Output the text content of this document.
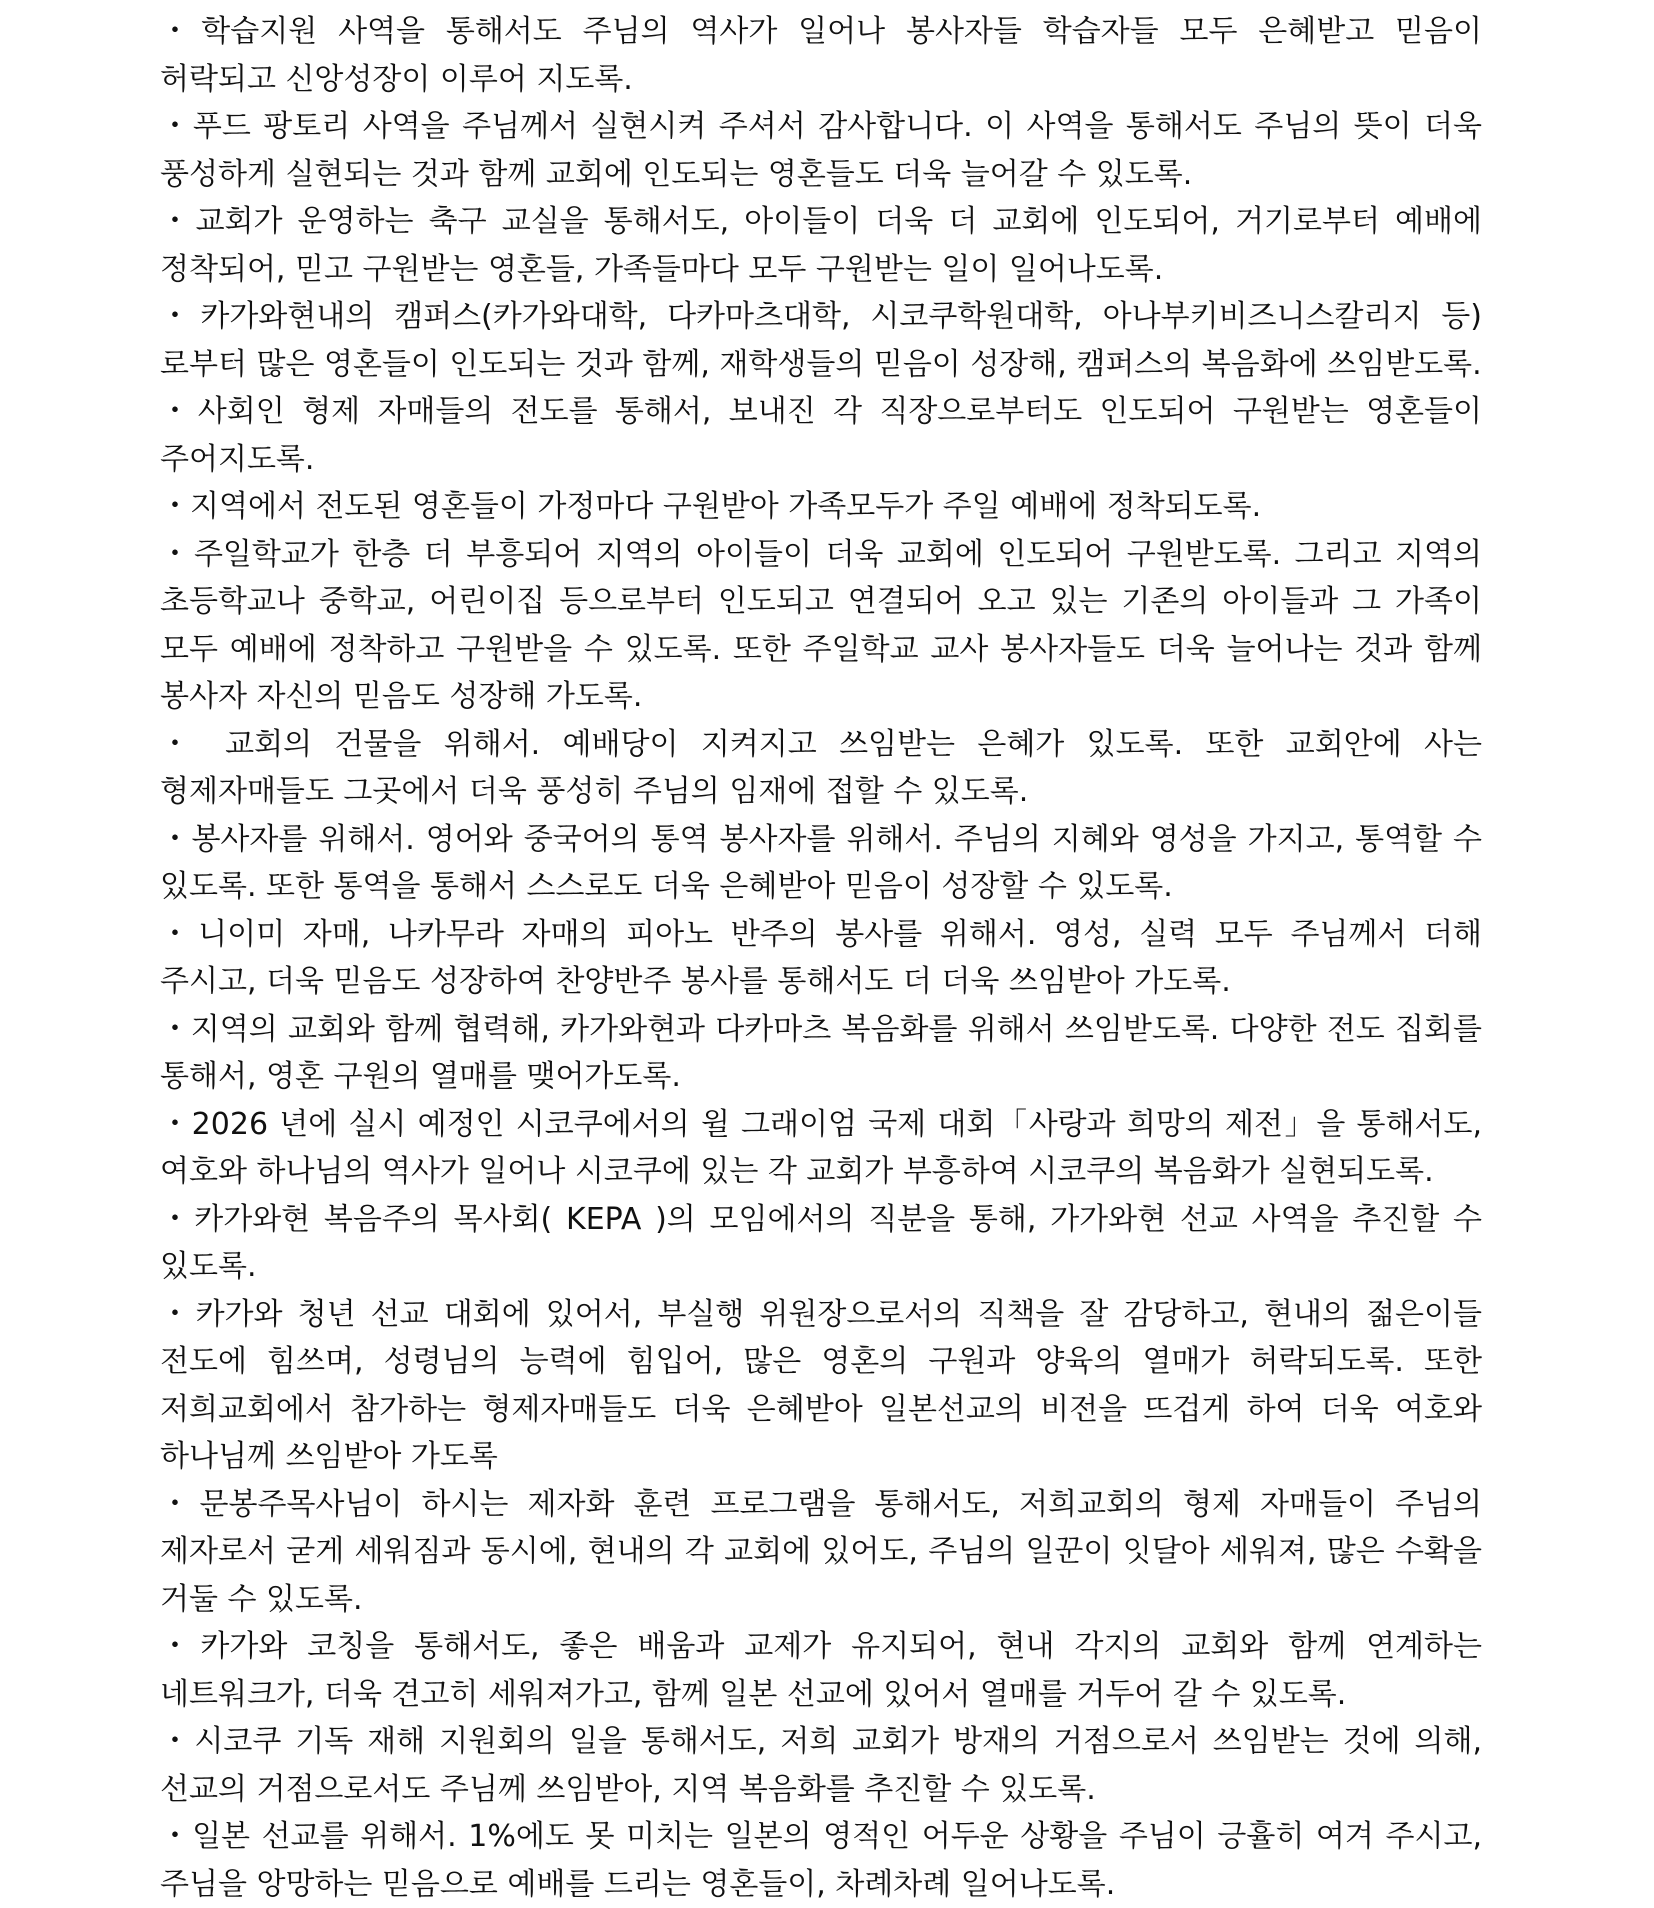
・학습지원 사역을 통해서도 주님의 역사가 일어나 봉사자들 학습자들 모두 은혜받고 믿음이 허락되고 신앙성장이 이루어 지도록.

・푸드 팡토리 사역을 주님께서 실현시켜 주셔서 감사합니다. 이 사역을 통해서도 주님의 뜻이 더욱 풍성하게 실현되는 것과 함께 교회에 인도되는 영혼들도 더욱 늘어갈 수 있도록.

・교회가 운영하는 축구 교실을 통해서도, 아이들이 더욱 더 교회에 인도되어, 거기로부터 예배에 정착되어, 믿고 구원받는 영혼들, 가족들마다 모두 구원받는 일이 일어나도록.

・카가와현내의 캠퍼스(카가와대학, 다카마츠대학, 시코쿠학원대학, 아나부키비즈니스칼리지 등)로부터 많은 영혼들이 인도되는 것과 함께, 재학생들의 믿음이 성장해, 캠퍼스의 복음화에 쓰임받도록.

・사회인 형제 자매들의 전도를 통해서, 보내진 각 직장으로부터도 인도되어 구원받는 영혼들이 주어지도록.

・지역에서 전도된 영혼들이 가정마다 구원받아 가족모두가 주일 예배에 정착되도록.

・주일학교가 한층 더 부흥되어 지역의 아이들이 더욱 교회에 인도되어 구원받도록. 그리고 지역의 초등학교나 중학교, 어린이집 등으로부터 인도되고 연결되어 오고 있는 기존의 아이들과 그 가족이 모두 예배에 정착하고 구원받을 수 있도록. 또한 주일학교 교사 봉사자들도 더욱 늘어나는 것과 함께 봉사자 자신의 믿음도 성장해 가도록.

・ 교회의 건물을 위해서. 예배당이 지켜지고 쓰임받는 은혜가 있도록. 또한 교회안에 사는 형제자매들도 그곳에서 더욱 풍성히 주님의 임재에 접할 수 있도록.

・봉사자를 위해서. 영어와 중국어의 통역 봉사자를 위해서. 주님의 지혜와 영성을 가지고, 통역할 수 있도록. 또한 통역을 통해서 스스로도 더욱 은혜받아 믿음이 성장할 수 있도록.

・니이미 자매, 나카무라 자매의 피아노 반주의 봉사를 위해서. 영성, 실력 모두 주님께서 더해 주시고, 더욱 믿음도 성장하여 찬양반주 봉사를 통해서도 더 더욱 쓰임받아 가도록.

・지역의 교회와 함께 협력해, 카가와현과 다카마츠 복음화를 위해서 쓰임받도록. 다양한 전도 집회를 통해서, 영혼 구원의 열매를 맺어가도록.

・2026 년에 실시 예정인 시코쿠에서의 윌 그래이엄 국제 대회「사랑과 희망의 제전」을 통해서도, 여호와 하나님의 역사가 일어나 시코쿠에 있는 각 교회가 부흥하여 시코쿠의 복음화가 실현되도록.

・카가와현 복음주의 목사회( KEPA )의 모임에서의 직분을 통해, 가가와현 선교 사역을 추진할 수 있도록.

・카가와 청년 선교 대회에 있어서, 부실행 위원장으로서의 직책을 잘 감당하고, 현내의 젊은이들 전도에 힘쓰며, 성령님의 능력에 힘입어, 많은 영혼의 구원과 양육의 열매가 허락되도록. 또한 저희교회에서 참가하는 형제자매들도 더욱 은혜받아 일본선교의 비전을 뜨겁게 하여 더욱 여호와 하나님께 쓰임받아 가도록

・문봉주목사님이 하시는 제자화 훈련 프로그램을 통해서도, 저희교회의 형제 자매들이 주님의 제자로서 굳게 세워짐과 동시에, 현내의 각 교회에 있어도, 주님의 일꾼이 잇달아 세워져, 많은 수확을 거둘 수 있도록.

・카가와 코칭을 통해서도, 좋은 배움과 교제가 유지되어, 현내 각지의 교회와 함께 연계하는 네트워크가, 더욱 견고히 세워져가고, 함께 일본 선교에 있어서 열매를 거두어 갈 수 있도록.

・시코쿠 기독 재해 지원회의 일을 통해서도, 저희 교회가 방재의 거점으로서 쓰임받는 것에 의해, 선교의 거점으로서도 주님께 쓰임받아, 지역 복음화를 추진할 수 있도록.

・일본 선교를 위해서. 1%에도 못 미치는 일본의 영적인 어두운 상황을 주님이 긍휼히 여겨 주시고, 주님을 앙망하는 믿음으로 예배를 드리는 영혼들이, 차례차례 일어나도록.
